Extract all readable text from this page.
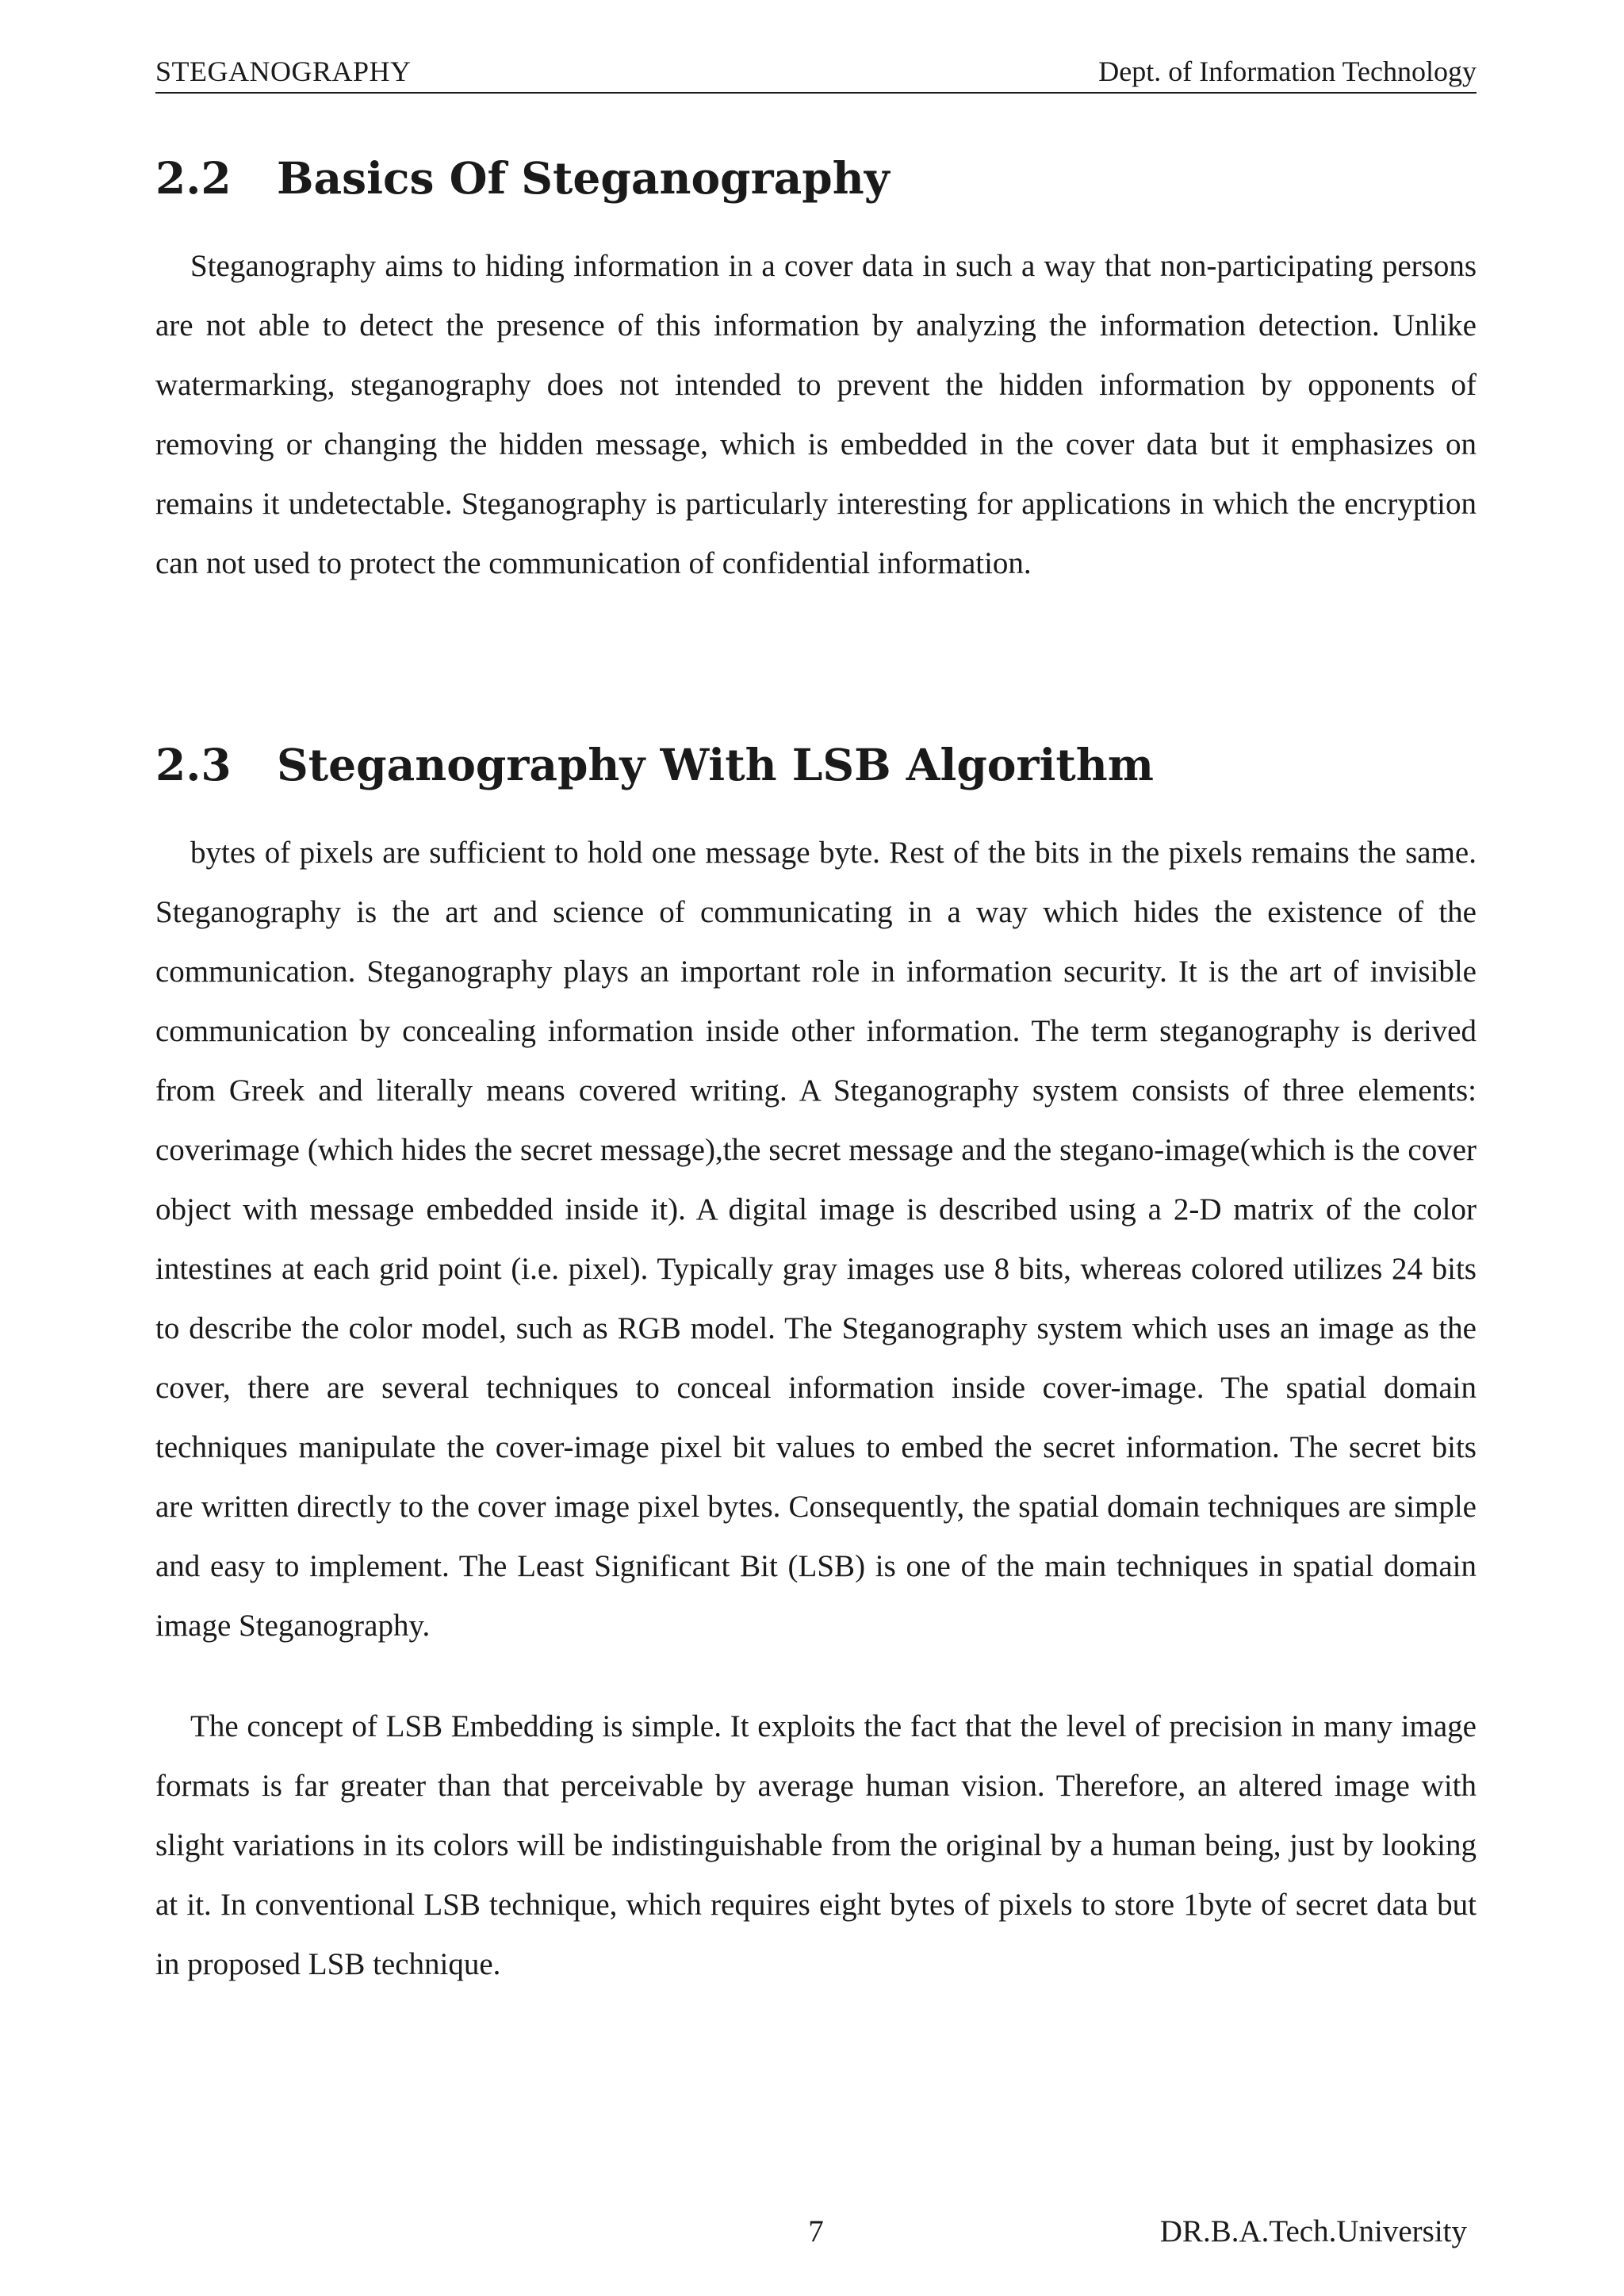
STEGANOGRAPHY	Dept. of Information Technology
2.2 Basics Of Steganography

Steganography aims to hiding information in a cover data in such a way that non-participating persons are not able to detect the presence of this information by analyzing the information detection. Unlike watermarking, steganography does not intended to prevent the hidden information by opponents of removing or changing the hidden message, which is embedded in the cover data but it emphasizes on remains it undetectable. Steganography is particularly interesting for applications in which the encryption can not used to protect the communication of confidential information.

2.3 Steganography With LSB Algorithm

bytes of pixels are sufficient to hold one message byte. Rest of the bits in the pixels remains the same. Steganography is the art and science of communicating in a way which hides the existence of the communication. Steganography plays an important role in information security. It is the art of invisible communication by concealing information inside other information. The term steganography is derived from Greek and literally means covered writing. A Steganography system consists of three elements: coverimage (which hides the secret message),the secret message and the stegano-image(which is the cover object with message embedded inside it). A digital image is described using a 2-D matrix of the color intestines at each grid point (i.e. pixel). Typically gray images use 8 bits, whereas colored utilizes 24 bits to describe the color model, such as RGB model. The Steganography system which uses an image as the cover, there are several techniques to conceal information inside cover-image. The spatial domain techniques manipulate the cover-image pixel bit values to embed the secret information. The secret bits are written directly to the cover image pixel bytes. Consequently, the spatial domain techniques are simple and easy to implement. The Least Significant Bit (LSB) is one of the main techniques in spatial domain image Steganography.

The concept of LSB Embedding is simple. It exploits the fact that the level of precision in many image formats is far greater than that perceivable by average human vision. Therefore, an altered image with slight variations in its colors will be indistinguishable from the original by a human being, just by looking at it. In conventional LSB technique, which requires eight bytes of pixels to store 1byte of secret data but in proposed LSB technique.

7	DR.B.A.Tech.University
